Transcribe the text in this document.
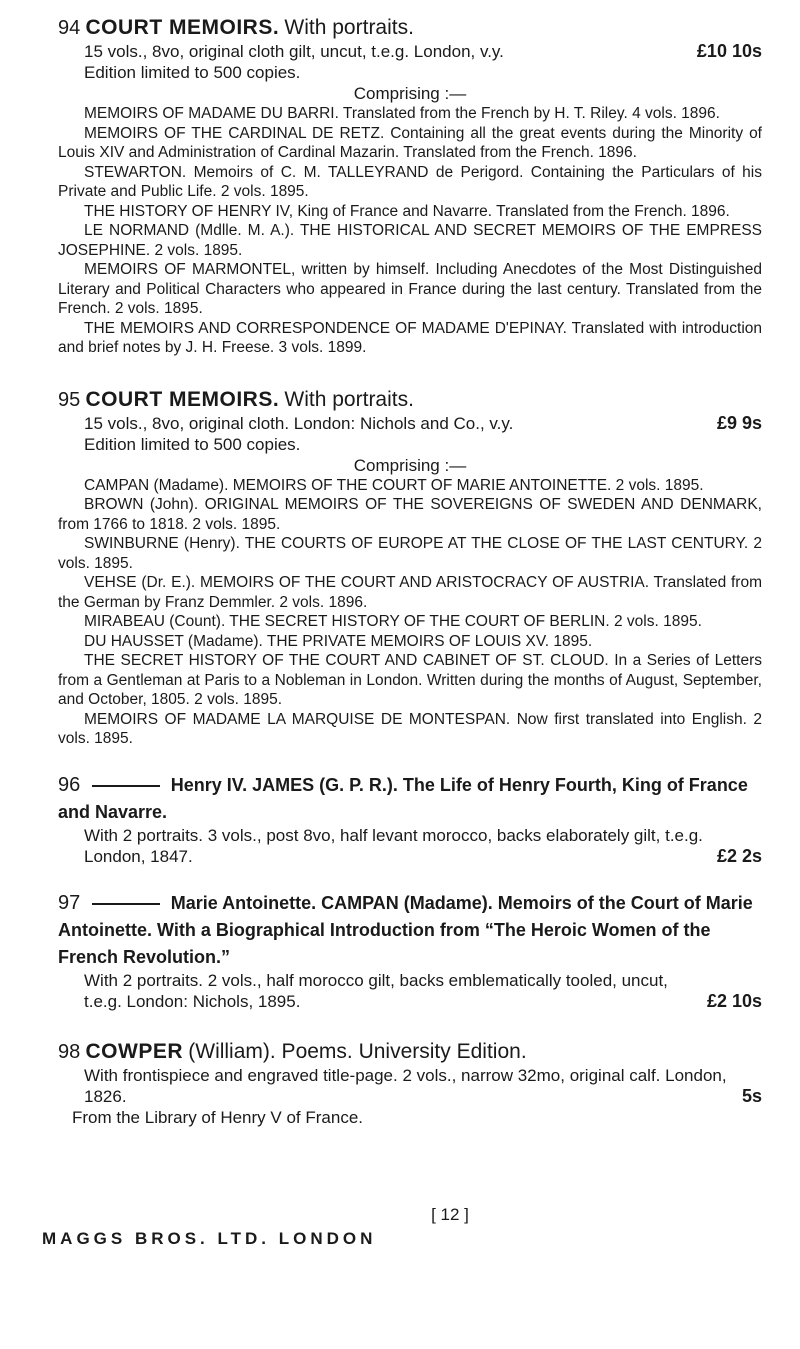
94 COURT MEMOIRS. With portraits.
15 vols., 8vo, original cloth gilt, uncut, t.e.g. London, v.y.	£10 10s
Edition limited to 500 copies.
Comprising :—
MEMOIRS OF MADAME DU BARRI. Translated from the French by H. T. Riley. 4 vols. 1896.
MEMOIRS OF THE CARDINAL DE RETZ. Containing all the great events during the Minority of Louis XIV and Administration of Cardinal Mazarin. Translated from the French. 1896.
STEWARTON. Memoirs of C. M. TALLEYRAND de Perigord. Containing the Particulars of his Private and Public Life. 2 vols. 1895.
THE HISTORY OF HENRY IV, King of France and Navarre. Translated from the French. 1896.
LE NORMAND (Mdlle. M. A.). THE HISTORICAL AND SECRET MEMOIRS OF THE EMPRESS JOSEPHINE. 2 vols. 1895.
MEMOIRS OF MARMONTEL, written by himself. Including Anecdotes of the Most Distinguished Literary and Political Characters who appeared in France during the last century. Translated from the French. 2 vols. 1895.
THE MEMOIRS AND CORRESPONDENCE OF MADAME D'EPINAY. Translated with introduction and brief notes by J. H. Freese. 3 vols. 1899.
95 COURT MEMOIRS. With portraits.
15 vols., 8vo, original cloth. London: Nichols and Co., v.y.	£9 9s
Edition limited to 500 copies.
Comprising :—
CAMPAN (Madame). MEMOIRS OF THE COURT OF MARIE ANTOINETTE. 2 vols. 1895.
BROWN (John). ORIGINAL MEMOIRS OF THE SOVEREIGNS OF SWEDEN AND DENMARK, from 1766 to 1818. 2 vols. 1895.
SWINBURNE (Henry). THE COURTS OF EUROPE AT THE CLOSE OF THE LAST CENTURY. 2 vols. 1895.
VEHSE (Dr. E.). MEMOIRS OF THE COURT AND ARISTOCRACY OF AUSTRIA. Translated from the German by Franz Demmler. 2 vols. 1896.
MIRABEAU (Count). THE SECRET HISTORY OF THE COURT OF BERLIN. 2 vols. 1895.
DU HAUSSET (Madame). THE PRIVATE MEMOIRS OF LOUIS XV. 1895.
THE SECRET HISTORY OF THE COURT AND CABINET OF ST. CLOUD. In a Series of Letters from a Gentleman at Paris to a Nobleman in London. Written during the months of August, September, and October, 1805. 2 vols. 1895.
MEMOIRS OF MADAME LA MARQUISE DE MONTESPAN. Now first translated into English. 2 vols. 1895.
96	Henry IV. JAMES (G. P. R.). The Life of Henry Fourth, King of France and Navarre.
With 2 portraits. 3 vols., post 8vo, half levant morocco, backs elaborately gilt, t.e.g. London, 1847.	£2 2s
97	Marie Antoinette. CAMPAN (Madame). Memoirs of the Court of Marie Antoinette. With a Biographical Introduction from “The Heroic Women of the French Revolution.”
With 2 portraits. 2 vols., half morocco gilt, backs emblematically tooled, uncut, t.e.g. London: Nichols, 1895.	£2 10s
98 COWPER (William). Poems. University Edition.
With frontispiece and engraved title-page. 2 vols., narrow 32mo, original calf. London, 1826.	5s
From the Library of Henry V of France.
[ 12 ]
MAGGS BROS. LTD. LONDON
